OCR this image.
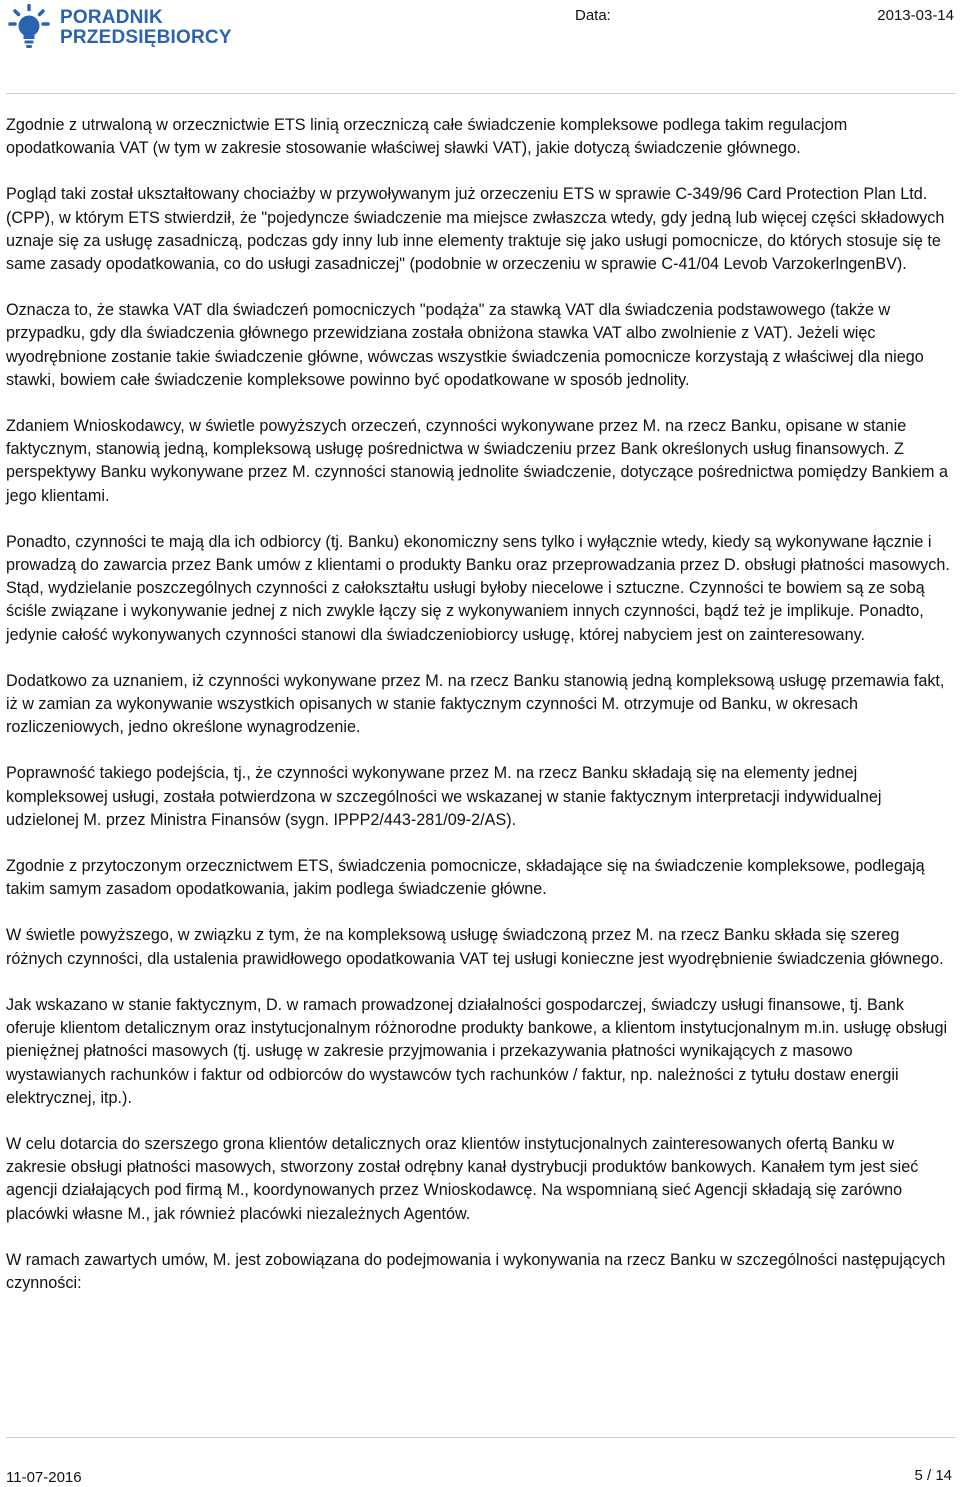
PORADNIK
PRZEDSIĘBIORCY
Data:	2013-03-14

Zgodnie z utrwaloną w orzecznictwie ETS linią orzeczniczą całe świadczenie kompleksowe podlega takim regulacjom opodatkowania VAT (w tym w zakresie stosowanie właściwej sławki VAT), jakie dotyczą świadczenie głównego.

Pogląd taki został ukształtowany chociażby w przywoływanym już orzeczeniu ETS w sprawie C-349/96 Card Protection Plan Ltd. (CPP), w którym ETS stwierdził, że "pojedyncze świadczenie ma miejsce zwłaszcza wtedy, gdy jedną lub więcej części składowych uznaje się za usługę zasadniczą, podczas gdy inny lub inne elementy traktuje się jako usługi pomocnicze, do których stosuje się te same zasady opodatkowania, co do usługi zasadniczej" (podobnie w orzeczeniu w sprawie C-41/04 Levob VarzokerlngenBV).

Oznacza to, że stawka VAT dla świadczeń pomocniczych "podąża" za stawką VAT dla świadczenia podstawowego (także w przypadku, gdy dla świadczenia głównego przewidziana została obniżona stawka VAT albo zwolnienie z VAT). Jeżeli więc wyodrębnione zostanie takie świadczenie główne, wówczas wszystkie świadczenia pomocnicze korzystają z właściwej dla niego stawki, bowiem całe świadczenie kompleksowe powinno być opodatkowane w sposób jednolity.

Zdaniem Wnioskodawcy, w świetle powyższych orzeczeń, czynności wykonywane przez M. na rzecz Banku, opisane w stanie faktycznym, stanowią jedną, kompleksową usługę pośrednictwa w świadczeniu przez Bank określonych usług finansowych. Z perspektywy Banku wykonywane przez M. czynności stanowią jednolite świadczenie, dotyczące pośrednictwa pomiędzy Bankiem a jego klientami.

Ponadto, czynności te mają dla ich odbiorcy (tj. Banku) ekonomiczny sens tylko i wyłącznie wtedy, kiedy są wykonywane łącznie i prowadzą do zawarcia przez Bank umów z klientami o produkty Banku oraz przeprowadzania przez D. obsługi płatności masowych. Stąd, wydzielanie poszczególnych czynności z całokształtu usługi byłoby niecelowe i sztuczne. Czynności te bowiem są ze sobą ściśle związane i wykonywanie jednej z nich zwykle łączy się z wykonywaniem innych czynności, bądź też je implikuje. Ponadto, jedynie całość wykonywanych czynności stanowi dla świadczeniobiorcy usługę, której nabyciem jest on zainteresowany.

Dodatkowo za uznaniem, iż czynności wykonywane przez M. na rzecz Banku stanowią jedną kompleksową usługę przemawia fakt, iż w zamian za wykonywanie wszystkich opisanych w stanie faktycznym czynności M. otrzymuje od Banku, w okresach rozliczeniowych, jedno określone wynagrodzenie.

Poprawność takiego podejścia, tj., że czynności wykonywane przez M. na rzecz Banku składają się na elementy jednej kompleksowej usługi, została potwierdzona w szczególności we wskazanej w stanie faktycznym interpretacji indywidualnej udzielonej M. przez Ministra Finansów (sygn. IPPP2/443-281/09-2/AS).

Zgodnie z przytoczonym orzecznictwem ETS, świadczenia pomocnicze, składające się na świadczenie kompleksowe, podlegają takim samym zasadom opodatkowania, jakim podlega świadczenie główne.

W świetle powyższego, w związku z tym, że na kompleksową usługę świadczoną przez M. na rzecz Banku składa się szereg różnych czynności, dla ustalenia prawidłowego opodatkowania VAT tej usługi konieczne jest wyodrębnienie świadczenia głównego.

Jak wskazano w stanie faktycznym, D. w ramach prowadzonej działalności gospodarczej, świadczy usługi finansowe, tj. Bank oferuje klientom detalicznym oraz instytucjonalnym różnorodne produkty bankowe, a klientom instytucjonalnym m.in. usługę obsługi pieniężnej płatności masowych (tj. usługę w zakresie przyjmowania i przekazywania płatności wynikających z masowo wystawianych rachunków i faktur od odbiorców do wystawców tych rachunków / faktur, np. należności z tytułu dostaw energii elektrycznej, itp.).

W celu dotarcia do szerszego grona klientów detalicznych oraz klientów instytucjonalnych zainteresowanych ofertą Banku w zakresie obsługi płatności masowych, stworzony został odrębny kanał dystrybucji produktów bankowych. Kanałem tym jest sieć agencji działających pod firmą M., koordynowanych przez Wnioskodawcę. Na wspomnianą sieć Agencji składają się zarówno placówki własne M., jak również placówki niezależnych Agentów.

W ramach zawartych umów, M. jest zobowiązana do podejmowania i wykonywania na rzecz Banku w szczególności następujących czynności:

11-07-2016	5 / 14
